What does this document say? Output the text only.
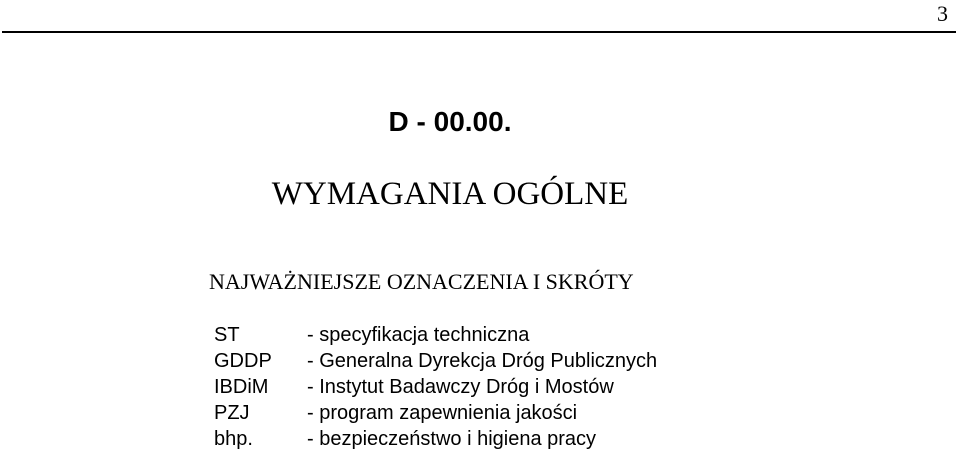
3
D - 00.00.
WYMAGANIA OGÓLNE
NAJWAŻNIEJSZE OZNACZENIA I SKRÓTY
ST	- specyfikacja techniczna
GDDP	- Generalna Dyrekcja Dróg Publicznych
IBDiM	- Instytut Badawczy Dróg i Mostów
PZJ	- program zapewnienia jakości
bhp.	- bezpieczeństwo i higiena pracy
